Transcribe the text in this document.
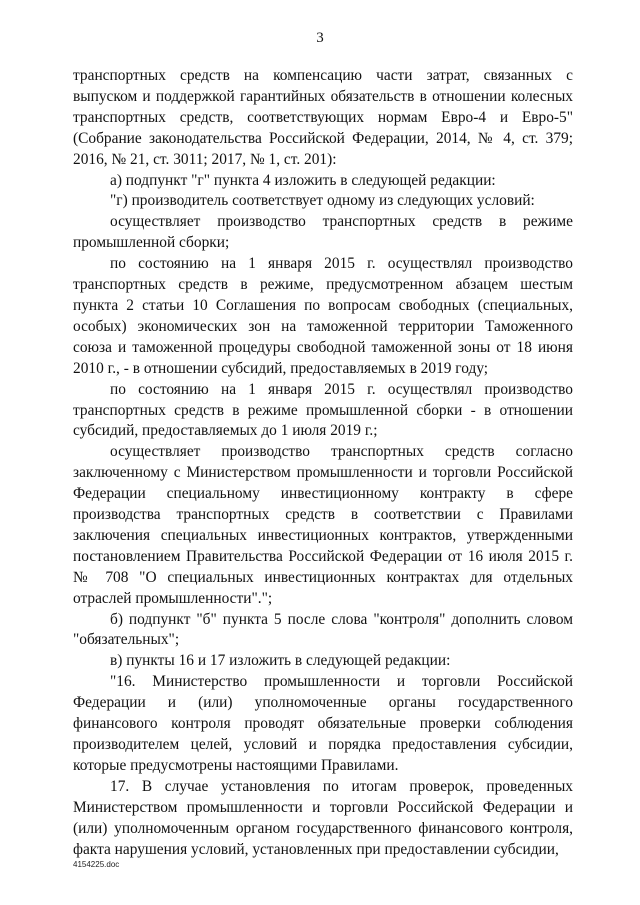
3

транспортных средств на компенсацию части затрат, связанных с

выпуском и поддержкой гарантийных обязательств в отношении колесных

транспортных средств, соответствующих нормам Евро-4 и Евро-5"

(Собрание законодательства Российской Федерации, 2014, № 4, ст. 379;

2016, № 21, ст. 3011; 2017, № 1, ст. 201):

а) подпункт "г" пункта 4 изложить в следующей редакции:

"г) производитель соответствует одному из следующих условий:

осуществляет производство транспортных средств в режиме

промышленной сборки;

по состоянию на 1 января 2015 г. осуществлял производство

транспортных средств в режиме, предусмотренном абзацем шестым

пункта 2 статьи 10 Соглашения по вопросам свободных (специальных,

особых) экономических зон на таможенной территории Таможенного

союза и таможенной процедуры свободной таможенной зоны от 18 июня

2010 г., - в отношении субсидий, предоставляемых в 2019 году;

по состоянию на 1 января 2015 г. осуществлял производство

транспортных средств в режиме промышленной сборки - в отношении

субсидий, предоставляемых до 1 июля 2019 г.;

осуществляет производство транспортных средств согласно

заключенному с Министерством промышленности и торговли Российской

Федерации специальному инвестиционному контракту в сфере

производства транспортных средств в соответствии с Правилами

заключения специальных инвестиционных контрактов, утвержденными

постановлением Правительства Российской Федерации от 16 июля 2015 г.

№ 708 "О специальных инвестиционных контрактах для отдельных

отраслей промышленности".";

б) подпункт "б" пункта 5 после слова "контроля" дополнить словом

"обязательных";

в) пункты 16 и 17 изложить в следующей редакции:

"16. Министерство промышленности и торговли Российской

Федерации и (или) уполномоченные органы государственного

финансового контроля проводят обязательные проверки соблюдения

производителем целей, условий и порядка предоставления субсидии,

которые предусмотрены настоящими Правилами.

17. В случае установления по итогам проверок, проведенных

Министерством промышленности и торговли Российской Федерации и

(или) уполномоченным органом государственного финансового контроля,

факта нарушения условий, установленных при предоставлении субсидии,

4154225.doc
